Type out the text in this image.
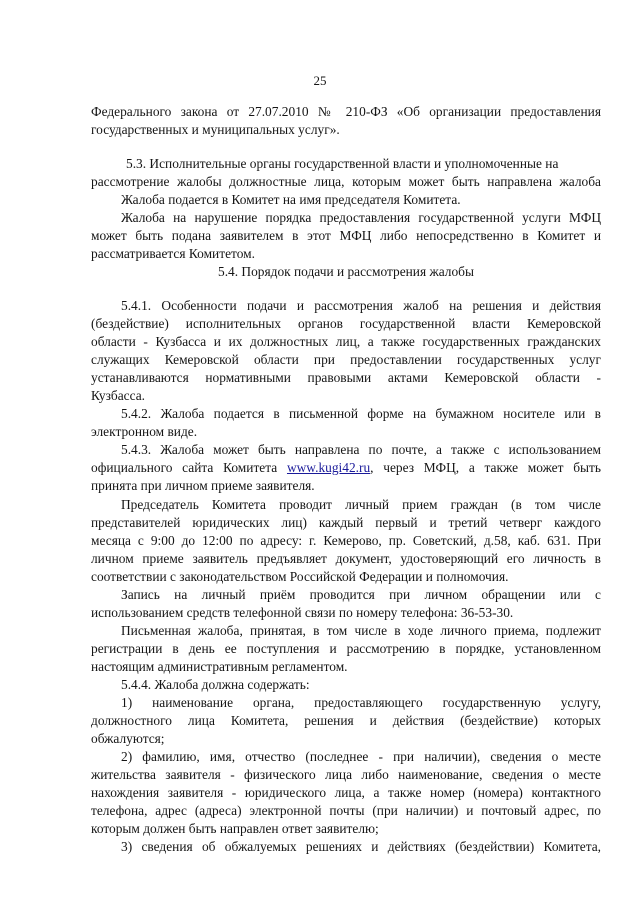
25
Федерального закона от 27.07.2010 № 210-ФЗ «Об организации предоставления
государственных и муниципальных услуг».
5.3. Исполнительные органы государственной власти и уполномоченные на
рассмотрение жалобы должностные лица, которым может быть направлена жалоба
Жалоба подается в Комитет на имя председателя Комитета.
Жалоба на нарушение порядка предоставления государственной услуги МФЦ
может быть подана заявителем в этот МФЦ либо непосредственно в Комитет и
рассматривается Комитетом.
5.4. Порядок подачи и рассмотрения жалобы
5.4.1. Особенности подачи и рассмотрения жалоб на решения и действия
(бездействие) исполнительных органов государственной власти Кемеровской
области - Кузбасса и их должностных лиц, а также государственных гражданских
служащих Кемеровской области при предоставлении государственных услуг
устанавливаются нормативными правовыми актами Кемеровской области -
Кузбасса.
5.4.2. Жалоба подается в письменной форме на бумажном носителе или в
электронном виде.
5.4.3. Жалоба может быть направлена по почте, а также с использованием
официального сайта Комитета www.kugi42.ru, через МФЦ, а также может быть
принята при личном приеме заявителя.
Председатель Комитета проводит личный прием граждан (в том числе
представителей юридических лиц) каждый первый и третий четверг каждого
месяца с 9:00 до 12:00 по адресу: г. Кемерово, пр. Советский, д.58, каб. 631. При
личном приеме заявитель предъявляет документ, удостоверяющий его личность в
соответствии с законодательством Российской Федерации и полномочия.
Запись на личный приём проводится при личном обращении или с
использованием средств телефонной связи по номеру телефона: 36-53-30.
Письменная жалоба, принятая, в том числе в ходе личного приема, подлежит
регистрации в день ее поступления и рассмотрению в порядке, установленном
настоящим административным регламентом.
5.4.4. Жалоба должна содержать:
1) наименование органа, предоставляющего государственную услугу,
должностного лица Комитета, решения и действия (бездействие) которых
обжалуются;
2) фамилию, имя, отчество (последнее - при наличии), сведения о месте
жительства заявителя - физического лица либо наименование, сведения о месте
нахождения заявителя - юридического лица, а также номер (номера) контактного
телефона, адрес (адреса) электронной почты (при наличии) и почтовый адрес, по
которым должен быть направлен ответ заявителю;
3) сведения об обжалуемых решениях и действиях (бездействии) Комитета,
